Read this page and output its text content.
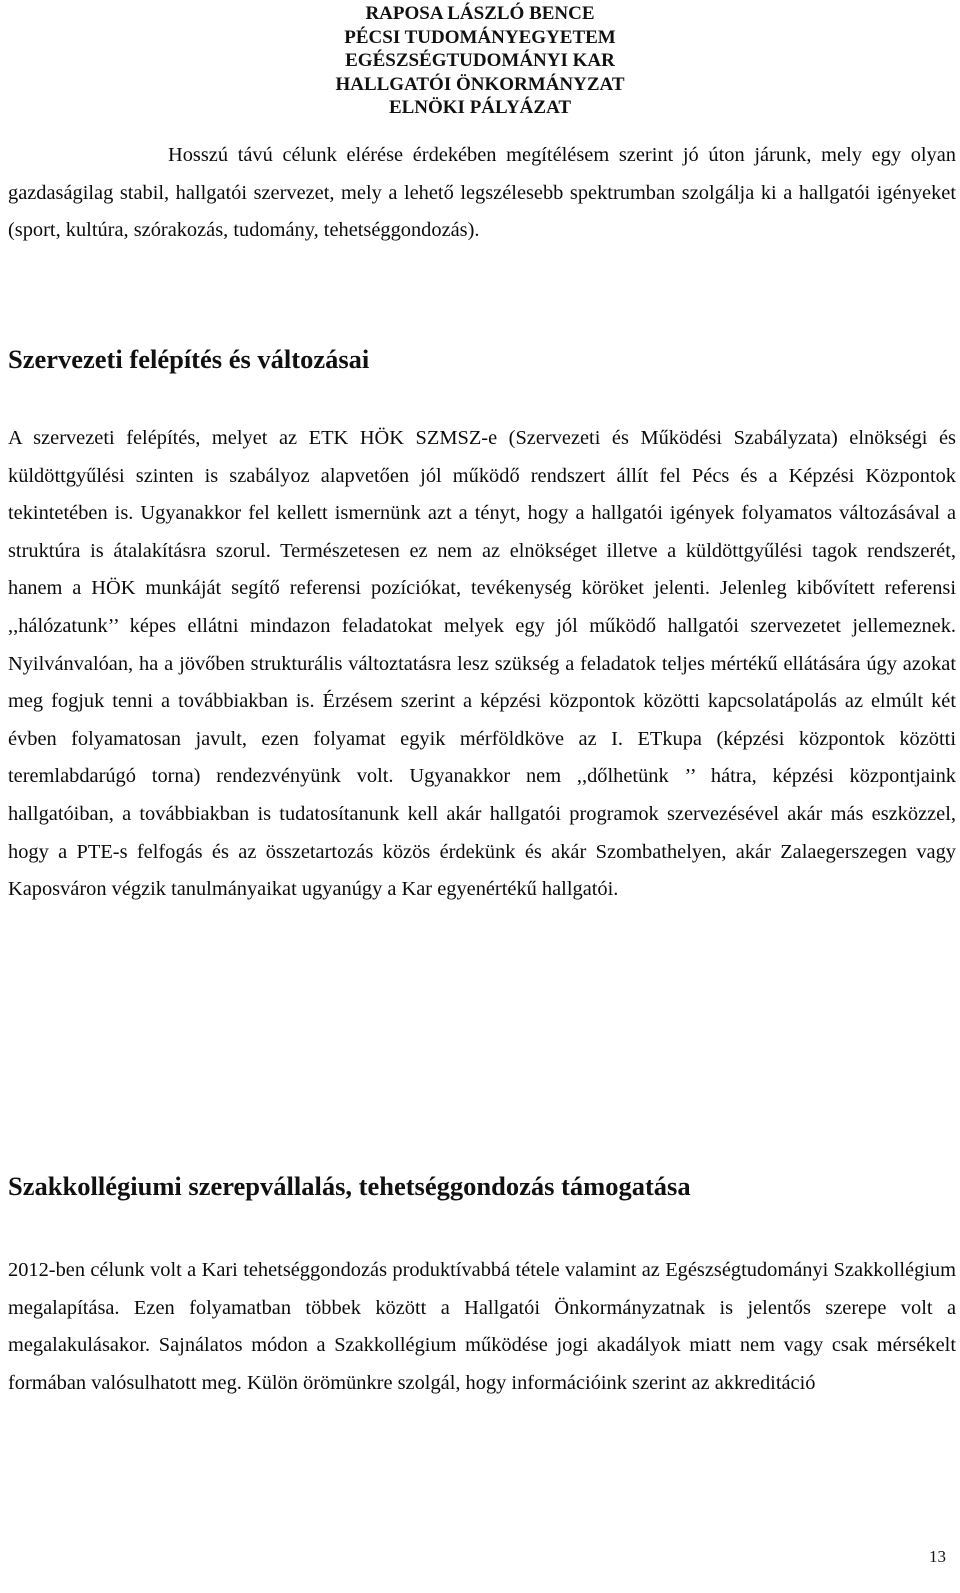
RAPOSA LÁSZLÓ BENCE
PÉCSI TUDOMÁNYEGYETEM
EGÉSZSÉGTUDOMÁNYI KAR
HALLGATÓI ÖNKORMÁNYZAT
ELNÖKI PÁLYÁZAT

Hosszú távú célunk elérése érdekében megítélésem szerint jó úton járunk, mely egy olyan gazdaságilag stabil, hallgatói szervezet, mely a lehető legszélesebb spektrumban szolgálja ki a hallgatói igényeket (sport, kultúra, szórakozás, tudomány, tehetséggondozás).

Szervezeti felépítés és változásai

A szervezeti felépítés, melyet az ETK HÖK SZMSZ-e (Szervezeti és Működési Szabályzata) elnökségi és küldöttgyűlési szinten is szabályoz alapvetően jól működő rendszert állít fel Pécs és a Képzési Központok tekintetében is. Ugyanakkor fel kellett ismernünk azt a tényt, hogy a hallgatói igények folyamatos változásával a struktúra is átalakításra szorul. Természetesen ez nem az elnökséget illetve a küldöttgyűlési tagok rendszerét, hanem a HÖK munkáját segítő referensi pozíciókat, tevékenység köröket jelenti. Jelenleg kibővített referensi ,,hálózatunk’’ képes ellátni mindazon feladatokat melyek egy jól működő hallgatói szervezetet jellemeznek. Nyilvánvalóan, ha a jövőben strukturális változtatásra lesz szükség a feladatok teljes mértékű ellátására úgy azokat meg fogjuk tenni a továbbiakban is. Érzésem szerint a képzési központok közötti kapcsolatápolás az elmúlt két évben folyamatosan javult, ezen folyamat egyik mérföldköve az I. ETkupa (képzési központok közötti teremlabdarúgó torna) rendezvényünk volt. Ugyanakkor nem ,,dőlhetünk ’’ hátra, képzési központjaink hallgatóiban, a továbbiakban is tudatosítanunk kell akár hallgatói programok szervezésével akár más eszközzel, hogy a PTE-s felfogás és az összetartozás közös érdekünk és akár Szombathelyen, akár Zalaegerszegen vagy Kaposváron végzik tanulmányaikat ugyanúgy a Kar egyenértékű hallgatói.

Szakkollégiumi szerepvállalás, tehetséggondozás támogatása

2012-ben célunk volt a Kari tehetséggondozás produktívabbá tétele valamint az Egészségtudományi Szakkollégium megalapítása. Ezen folyamatban többek között a Hallgatói Önkormányzatnak is jelentős szerepe volt a megalakulásakor. Sajnálatos módon a Szakkollégium működése jogi akadályok miatt nem vagy csak mérsékelt formában valósulhatott meg. Külön örömünkre szolgál, hogy információink szerint az akkreditáció

13
